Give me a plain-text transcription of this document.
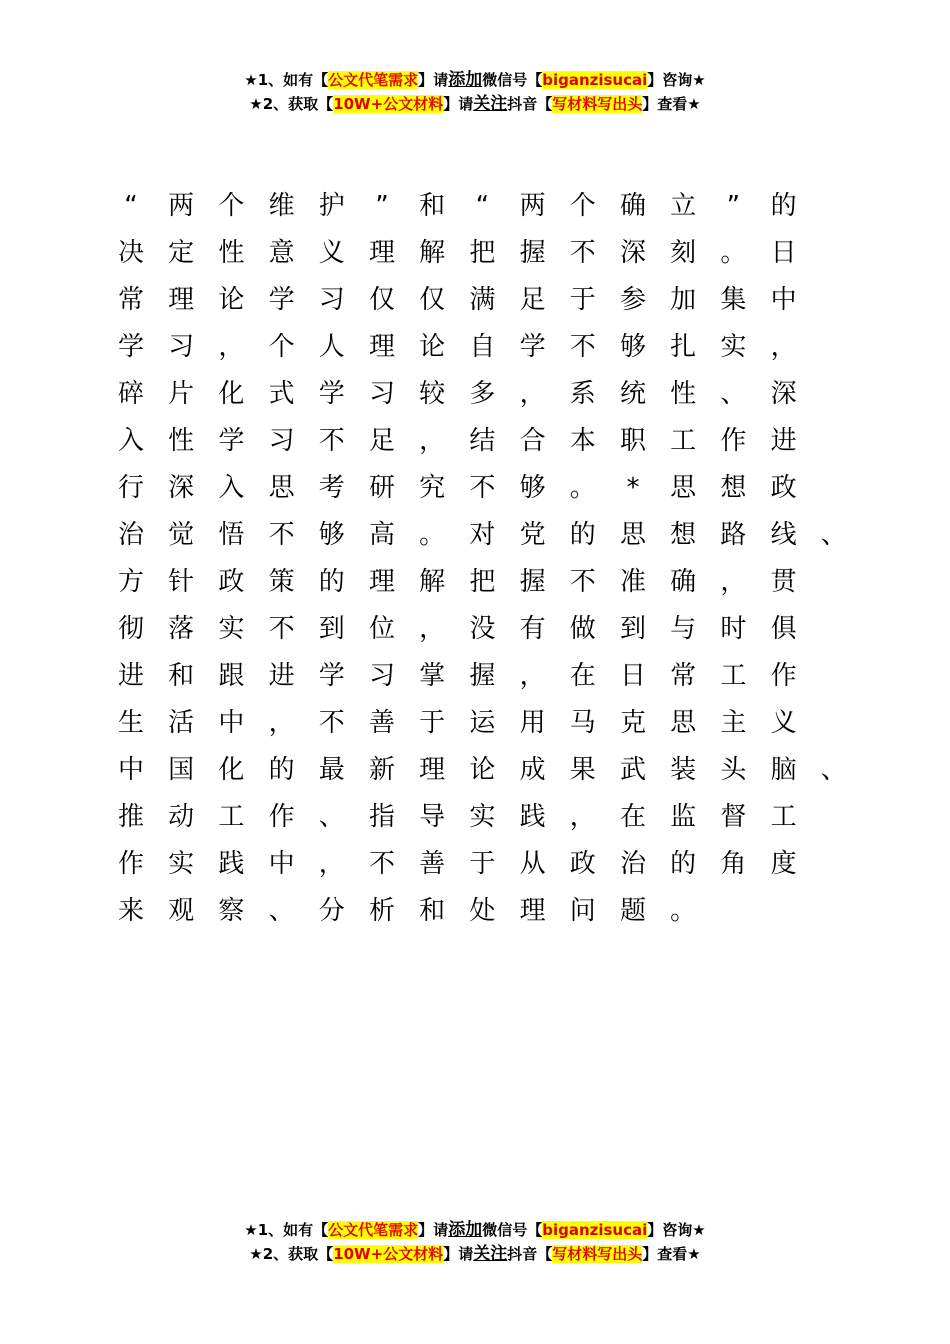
★1、如有【公文代笔需求】请添加微信号【biganzisucai】咨询★
★2、获取【10W+公文材料】请关注抖音【写材料写出头】查看★
“	两 个 维 护	”	和	“	两 个 确 立	”	的
决 定 性 意 义 理 解 把 握 不 深 刻 。 日
常 理 论 学 习 仅 仅 满 足 于 参 加 集 中
学 习 ， 个 人 理 论 自 学 不 够 扎 实 ，
碎 片 化 式 学 习 较 多 ， 系 统 性 、 深
入 性 学 习 不 足 ， 结 合 本 职 工 作 进
行 深 入 思 考 研 究 不 够 。	*	思 想 政
治 觉 悟 不 够 高 。 对 党 的 思 想 路 线 、
方 针 政 策 的 理 解 把 握 不 准 确 ， 贯
彻 落 实 不 到 位 ， 没 有 做 到 与 时 俱
进 和 跟 进 学 习 掌 握 ， 在 日 常 工 作
生 活 中 ， 不 善 于 运 用 马 克 思 主 义
中 国 化 的 最 新 理 论 成 果 武 装 头 脑 、
推 动 工 作 、 指 导 实 践 ， 在 监 督 工
作 实 践 中 ， 不 善 于 从 政 治 的 角 度
来 观 察 、 分 析 和 处 理 问 题 。
★1、如有【公文代笔需求】请添加微信号【biganzisucai】咨询★
★2、获取【10W+公文材料】请关注抖音【写材料写出头】查看★
